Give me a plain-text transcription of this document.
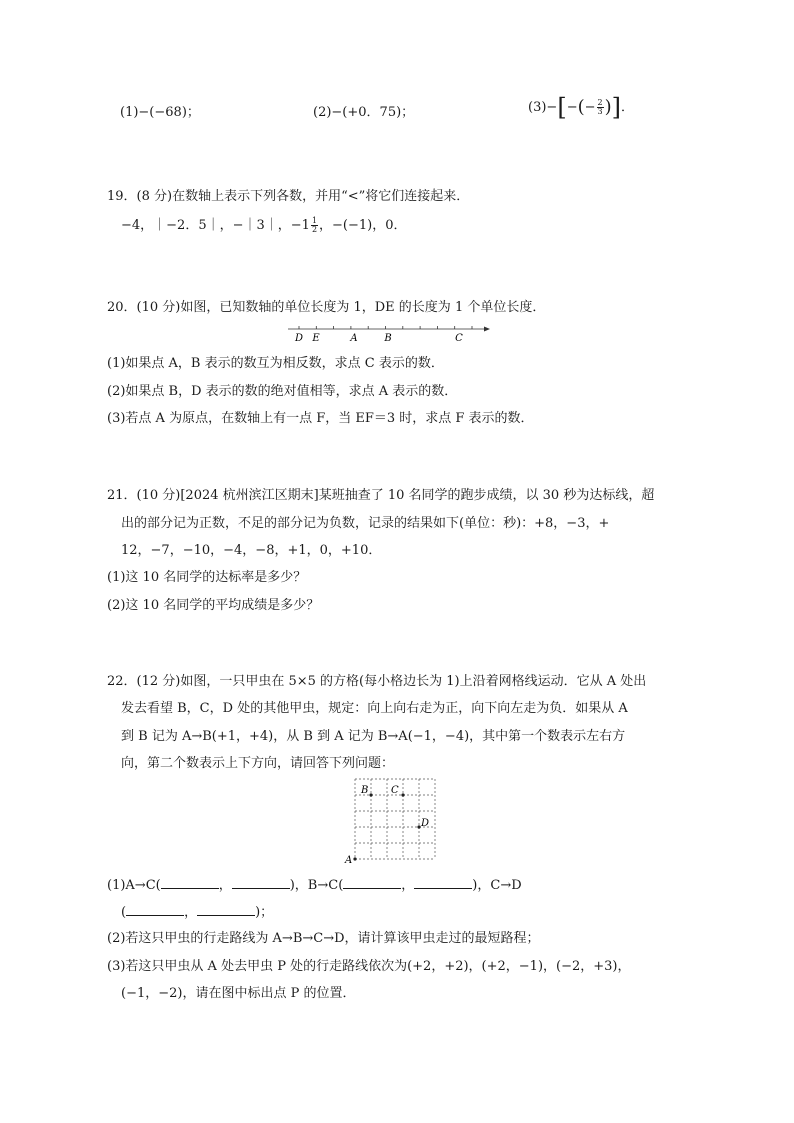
(1)−(−68)；	(2)−(+0．75)；	$(3)-[-(- \frac{2}{3}$ )]．
19．(8 分)在数轴上表示下列各数，并用“<”将它们连接起来．
−4，｜−2．5｜，−｜3｜，$-1 \frac{1}{2}$ ，−(−1)，0．
20．(10 分)如图，已知数轴的单位长度为 1，DE 的长度为 1 个单位长度．
D E	A	B	C
(1)如果点 A，B 表示的数互为相反数，求点 C 表示的数．
(2)如果点 B，D 表示的数的绝对值相等，求点 A 表示的数．
(3)若点 A 为原点，在数轴上有一点 F，当 EF＝3 时，求点 F 表示的数．
21．(10 分)[2024 杭州滨江区期末]某班抽查了 10 名同学的跑步成绩，以 30 秒为达标线，超
出的部分记为正数，不足的部分记为负数，记录的结果如下(单位：秒)：+8，−3，+
12，−7，−10，−4，−8，+1，0，+10．
(1)这 10 名同学的达标率是多少？
(2)这 10 名同学的平均成绩是多少？
22．(12 分)如图，一只甲虫在 5×5 的方格(每小格边长为 1)上沿着网格线运动．它从 A 处出
发去看望 B，C，D 处的其他甲虫，规定：向上向右走为正，向下向左走为负．如果从 A
到 B 记为 A→B(+1，+4)，从 B 到 A 记为 B→A(−1，−4)，其中第一个数表示左右方
向，第二个数表示上下方向，请回答下列问题：
B C
D
A
(1)A→C(	，	)，B→C(	，	)，C→D
(	，	)；
(2)若这只甲虫的行走路线为 A→B→C→D，请计算该甲虫走过的最短路程；
(3)若这只甲虫从 A 处去甲虫 P 处的行走路线依次为(+2，+2)，(+2，−1)，(−2，+3)，
(−1，−2)，请在图中标出点 P 的位置．
